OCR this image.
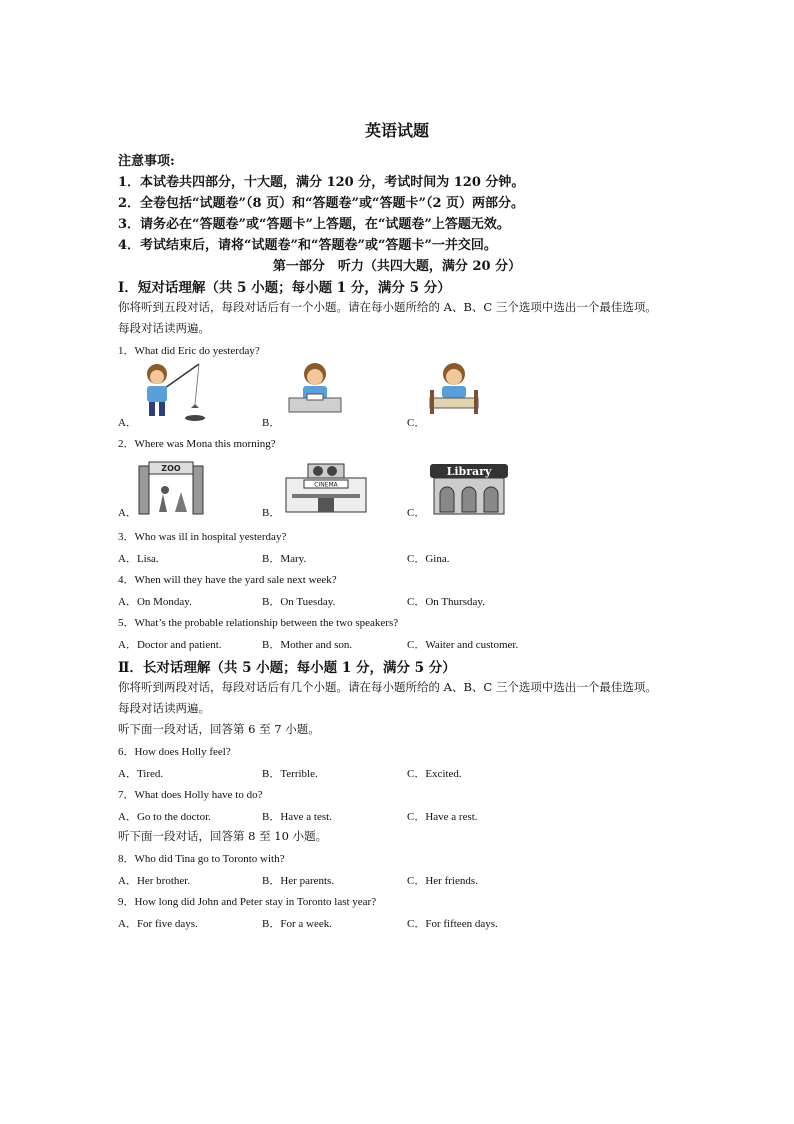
英语试题
注意事项:
1．本试卷共四部分，十大题，满分 120 分，考试时间为 120 分钟。
2．全卷包括“试题卷”（8 页）和“答题卷”或“答题卡”（2 页）两部分。
3．请务必在“答题卷”或“答题卡”上答题，在“试题卷”上答题无效。
4．考试结束后，请将“试题卷”和“答题卷”或“答题卡”一并交回。
第一部分　听力（共四大题，满分 20 分）
Ⅰ．短对话理解（共 5 小题；每小题 1 分，满分 5 分）
你将听到五段对话，每段对话后有一个小题。请在每小题所给的 A、B、C 三个选项中选出一个最佳选项。
每段对话读两遍。
1．What did Eric do yesterday?
A．	B．	C．
2．Where was Mona this morning?
A．	B．	C．
ZOO
CINEMA
Library
3．Who was ill in hospital yesterday?
A．Lisa.	B．Mary.	C．Gina.
4．When will they have the yard sale next week?
A．On Monday.	B．On Tuesday.	C．On Thursday.
5．What’s the probable relationship between the two speakers?
A．Doctor and patient.	B．Mother and son.	C．Waiter and customer.
Ⅱ．长对话理解（共 5 小题；每小题 1 分，满分 5 分）
你将听到两段对话，每段对话后有几个小题。请在每小题所给的 A、B、C 三个选项中选出一个最佳选项。
每段对话读两遍。
听下面一段对话，回答第 6 至 7 小题。
6．How does Holly feel?
A．Tired.	B．Terrible.	C．Excited.
7．What does Holly have to do?
A．Go to the doctor.	B．Have a test.	C．Have a rest.
听下面一段对话，回答第 8 至 10 小题。
8．Who did Tina go to Toronto with?
A．Her brother.	B．Her parents.	C．Her friends.
9．How long did John and Peter stay in Toronto last year?
A．For five days.	B．For a week.	C．For fifteen days.
